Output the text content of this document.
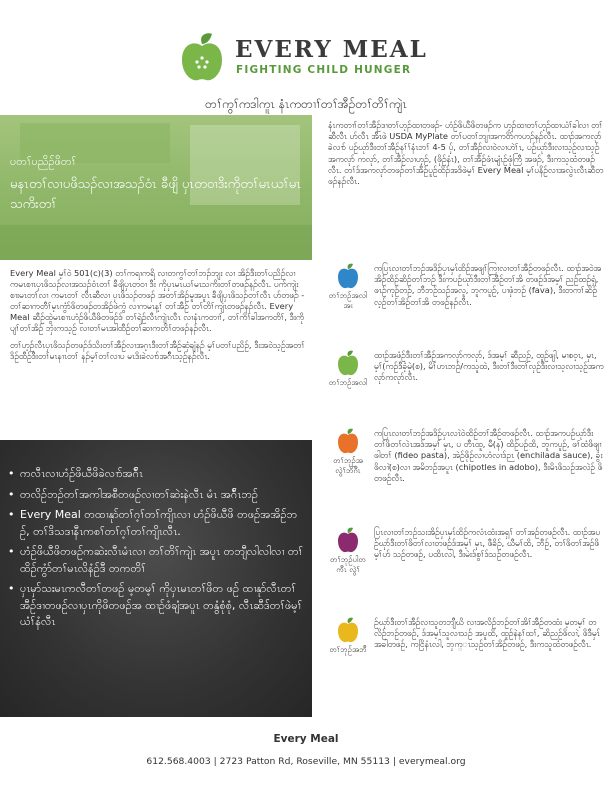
EVERY MEAL
FIGHTING CHILD HUNGER
တၢ်ကွၢ်ကဒါကူၤ နံၤကတၢၢ်တၢ်အီဉ်တၢ်တိၢ်ကျဲၤ
ပတၢ်ပညိဉ်ဖိတၢ်
မနၤတၢ်လၢပဖိသၣ်လၢအသၣ်ဝံၤ ခီဖျိ ပှၤတဝၢဒိးကိုတၢ်မၤယၢ်မၤသကိးတၢ်

Every Meal မ့ၢ်ဝဲ 501(c)(3) တၢ်ကရၢကရိ လၢတကွၢ်တၢ်ဘၣ်ဘျး လၢ အိဉ်ဒီးတၢ်ပညိဉ်လၢ ကမၤစၢၤပှၤဖိသၣ်လၢအသၣ်ဝံၤတၢ် ခီဖျိပှၤတဝၢ ဒီး ကိုပှၤမၤယၢ်မၤသကိးတၢ်တဖၣ်နၣ်လီၤ. ပက်ကျဲးစၢးမၤတၢ်လၢ ကမၤတၢ် လီၤဆီလၢ ပှၤဖိသၣ်တဖၣ် အတၢ်အိဉ်မူအပူၤ ခီဖျိပှၤဖိသၣ်တၢ်လီၤ ဟ်တဖၣ် - တၢ်ဆၢကတီၢ်မ့ၤကွံာ်ဖိတဖၣ်တအိဉ်ဖဲကွံ လၢကမၤန့ၢ် တၢ်အီဉ် တၢ်တိၢ်ကျဲၤတဖၣ်နၣ်လီၤ. Every Meal ဆီဉ်ထွဲမၤစၢၤဟံဉ်ဖိယီဖိတဖၣ်ဒ် တၢ်ရဲဉ်လီၤကျဲၤလီၤ လၢနံၤကတၢၢ်, တၢ်ကိၢ်ခါအကတိၢ်, ဒီးကိုပျၢ်တၢ်အိဉ် ဘှံးကသ့ဉ် လၢတၢ်မၤအါထီဉ်တၢ်ဆၢကတိၢ်တဖၣ်နၣ်လီၤ.

တၢ်ဟ့ဉ်လီၤပှၤဖိသၣ်တဖၣ်ဒ်သိးတၢ်အီဉ်လၢအဂ့ၤဒီးတၢ်အီဉ်ဆှံချံနၣ် မ့ၢ်ပတၢ်ပညိဉ်, ဒီးအဝဲသ့ဉ်အတၢ်ဒိဉ်ထီဉ်ဒီးတၢ်မၤနၢၤတၢ် နၣ်မ့ၢ်တၢ်လၢပ မၤဒိးခဲလၢာ်အဂ်ီၤသ့ဉ်နၣ်လီၤ.

• ကလီၤလၢဟံဉ်ဖိယီဖိခဲလၢာ်အဂ်ီၤ
• တလိဉ်ဘဉ်တၢ်အကါအစီတဖဉ်လၢတၢ်ဆဲးနဲလီၤ မံၤ အဂ်ီၤဘဉ်
• Every Meal တထၢနုာ်တၢ်ဂ့ၢ်တၢ်ကျိၤလၢ ဟံဉ်ဖိယီဖိ တဖဉ်အအိဉ်ဘဉ်, တၢ်ဒိသဒၢနီၤကစၢ်တၢ်ဂ့ၢ်တၢ်ကျိၤလီၤ.
• ဟံဉ်ဖိယီဖိတဖဉ်ကဆဲးလီၤမံၤလၢ တၢ်တိၢ်ကျဲၤ အပူၤ တဘျီလါလါလၢ တၢ်ထိဉ်ကွံာ်တၢ်မၤလိနံဉ်ဒီ တကတိၢ်
• ပှၤမှာ်သးမၤကလီတၢ်တဖဉ် မ့တမ့ၢ် ကိုပှၤမၤတၢ်ဖိတ ဖဉ် ထၢနုာ်လီၤတၢ်အီဉ်ဒၢတဖဉ်လၢပှၤကိုဖိတဖဉ်အ ထၢဉ်ဖံချံအပူၤ တနွံစုံစုံ, လီၤဆီဒ်တၢ်ဖဲမ့ၢ်ယံၢ်နံလီၤ
နံၤကတၢၢ်တၢ်အီဉ်ဒၢတၢ်ဟ့ၣ်ထၢတဖၣ်- ဟံဉ်ဖိယီဖိတဖၣ်က ဟ့ၣ်ထၢတၢ်ဟ့ၣ်ထၢယံၢ်ခါလၢ တၢ်ဆီလီၤ ဟ်လီၤ အီၤဖဲ USDA MyPlate တၢ်ပတၢ်ဘျၢအကဝိာ်ကဟၣ်နၣ်လီၤ. ထၢၣ်အကလုာ်ခဲလၢာ် ပဉ်ဃုာ်ဒီးတၢ်အီဉ်နၢ်ၢ်နံၤဘၢ် 4-5 ပှ်, တၢ်အီဉ်လၢဝဲလၢဟဲၢ်ၤ, ပဉ်ဃုာ်ဒီးလၢသ့ဉ်လၢသ့ဉ် အကလုာ် ကလုာ်, တၢ်အီဉ်လၢဟ့ဉ်, (ဖိုဉ်နံၤ), တၢ်အီဉ်ဖံၤမျံၤဉ်ဖုံကြီ အဖၣ်, ဒီးကသ့ထံတဖၣ်လီၤ. တၢ်ဒ်အကလုာ်တဖၣ်တၢ်အီဉ်ပူဉ်ထိၣ်အဒိဖဲမ့ၢ် Every Meal မ့ၢ်ပနိဉ်လၢအလွဲၤလီၤဆီတဖၣ်နၣ်လီၤ.
တၢ်ဘဉ်အလါ အး
ကပြၤလၢတၢ်ဘဉ်အဒိဉ်ပှၤမှၤ်ထိဉ်အဖျၢ်ကြၢလၢတၢ်အီဉ်တဖဉ်လီၤ. ထၢဉ်အဝဲအအိဉ်ထိဉ်ဆိဉ်တၢ်ဘဉ် ဒီးကပဉ်ဃုာ်ဒီးတၢ်အီဉ်တၢ်အိ တဖဉ်ဒ်အမ့ၢ် ညဉ်ထဉ်ရှံ, ဖၤဉ်ကုဉ်တဉ်, ဘီဘဉ်သဉ်အလူ, ဘူကပူဉ်, ပၢဖှံဘဉ် (fava), ဒီးတကၢ်ဆိဉ်လ့ဉ်တၢ်အိဉ်တၢ်အိ တဖဉ်နၣ်လီၤ.
တၢ်ဘဉ်အလါ
ထၢဉ်အဖံဉ်ဒီးတၢ်အီဉ်အကလုာ်ကလုာ်, ဒ်အမ့ၢ် ဆီညဉ်, ထူဉ်ဖျါ, မၢစဝ့ၤ, မှၤ, မ့ၢ်(ကဉ်ဒီခံ့မဲ့(စ), မိၢ်ဟၤဘဉ်/ကသူထဲ, ဒီးတၢ်ဒီးတၢ်လှဉ်ဒီးလၢသ့လၢသ့ဉ်အကလုာ်ကလုာ်လီၤ.
တၢ်ဘုဉ်အ လွဲၢ်ဘိဂီၤ
ကပြၤလၢတၢ်ဘဉ်အဒိဉ်ပှၤလၤဲဝဲထိဉ်တၢ်အီဉ်တဖဉ်လီၤ. ထၢဉ်အကပဉ်ဃုာ်ဒီးတၢ်ဖိတၢ်လဲၤအဒ်အမ့ၢ် မှၤ, ပ တီၤထူ, မီ(န) ထိဉ်ပဉ်ထိ, ဘူကပူဉ်, ဖၢ်ထံဖိဖျၢဖါတၢ် (fideo pasta), အဲဉ်ဖိုဉ်လၢဟံလၢဒ်ဉၤ (enchilada sauce), ခွံး ဖိလၢဲ(စ)လၢ အမိဘဉ်အပူၤ (chipotles in adobo), ဒီးမိၤဖိသဉ်အလဲဉ် ဖိတဖဉ်လီၤ.
တၢ်ဘုဉ်ပါတကီၤ လွဲၢ်
ပြၤလၢတၢ်ဘဉ်သးအိဉ်ပှၤမှၤ်ထိဉ်ကလံၤထံးအရှၢ် တၢ်အဉ်တဖဉ်လီၤ. ထၢဉ်အပဉ်ဃုာ်ဒီးတၢ်ဖိတၢ်လၢတဖဉ်ဒ်အမ့ၢ် မှၤ, ဖီခိဉ်, ဃီမၢ်ထိ, ဘီဉ်, တၢ်ဖိတၢ်အဉ်ဖိမ့ၢ်ဟ် သဉ်တဖဉ်, ပထိၤလါ, ဒီးမဲးဒ်စွၢ်ဒ်သဉ်တဖဉ်လီၤ.
တၢ်ဘုဉ်အဘီ
ဉ်ဃုာ်ဒီးတၢ်အီဉ်လၢသူတဘျီဃိ လၢအလိဉ်ဘဉ်တၢ်အိၢ်အီဉ်တထံး မ့တမ့ၢ် တလိဉ်ဘဉ်တဖဉ်, ဒ်အမ့ၢ်သူလၢသဉ် အပူထိ, ထူဉ်နဲနၢ်ထၢ်, ဆိညဉ်ဖိလၢဲ, ဖိဒီမှၤ်အခါတဖဉ်, ကငြိနံၤလါ, ဘှက္ၤသ့ဉ်တၢ်အိဉ်တဖဉ်, ဒီးကသူထံတဖဉ်လီၤ.
Every Meal
612.568.4003 | 2723 Patton Rd, Roseville, MN 55113 | everymeal.org
